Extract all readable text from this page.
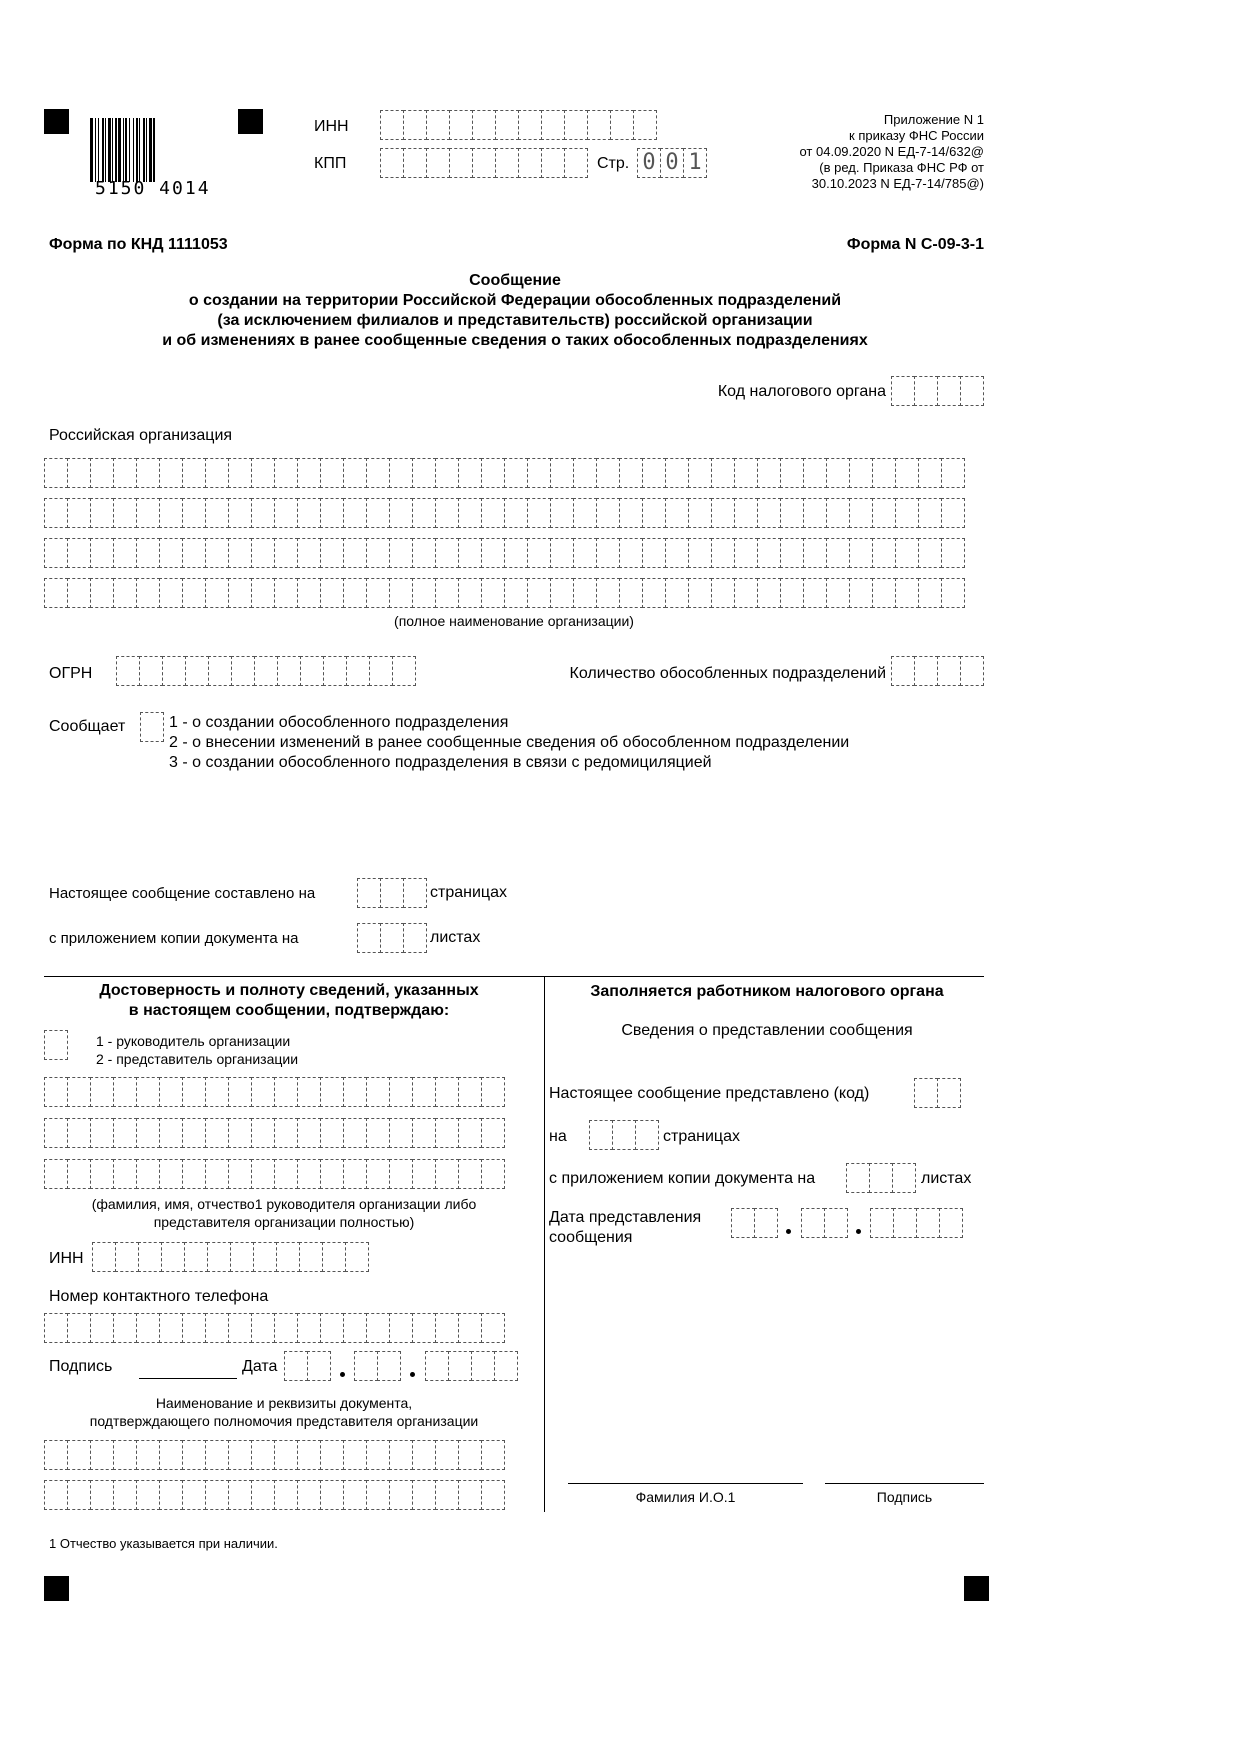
5150 4014
ИНН
КПП	Стр. 0 0 1
Приложение N 1
к приказу ФНС России
от 04.09.2020 N ЕД-7-14/632@
(в ред. Приказа ФНС РФ от
30.10.2023 N ЕД-7-14/785@)
Форма по КНД 1111053	Форма N С-09-3-1
Сообщение
о создании на территории Российской Федерации обособленных подразделений
(за исключением филиалов и представительств) российской организации
и об изменениях в ранее сообщенные сведения о таких обособленных подразделениях
Код налогового органа
Российская организация
(полное наименование организации)
ОГРН	Количество обособленных подразделений
Сообщает	1 - о создании обособленного подразделения
2 - о внесении изменений в ранее сообщенные сведения об обособленном подразделении
3 - о создании обособленного подразделения в связи с редомициляцией
Настоящее сообщение составлено на	страницах
с приложением копии документа на	листах
Достоверность и полноту сведений, указанных
в настоящем сообщении, подтверждаю:
1 - руководитель организации
2 - представитель организации
(фамилия, имя, отчество1 руководителя организации либо
представителя организации полностью)
ИНН
Номер контактного телефона
Подпись	Дата
Наименование и реквизиты документа,
подтверждающего полномочия представителя организации
Заполняется работником налогового органа
Сведения о представлении сообщения
Настоящее сообщение представлено (код)
на	страницах
с приложением копии документа на	листах
Дата представления
сообщения
Фамилия И.О.1	Подпись
1 Отчество указывается при наличии.
